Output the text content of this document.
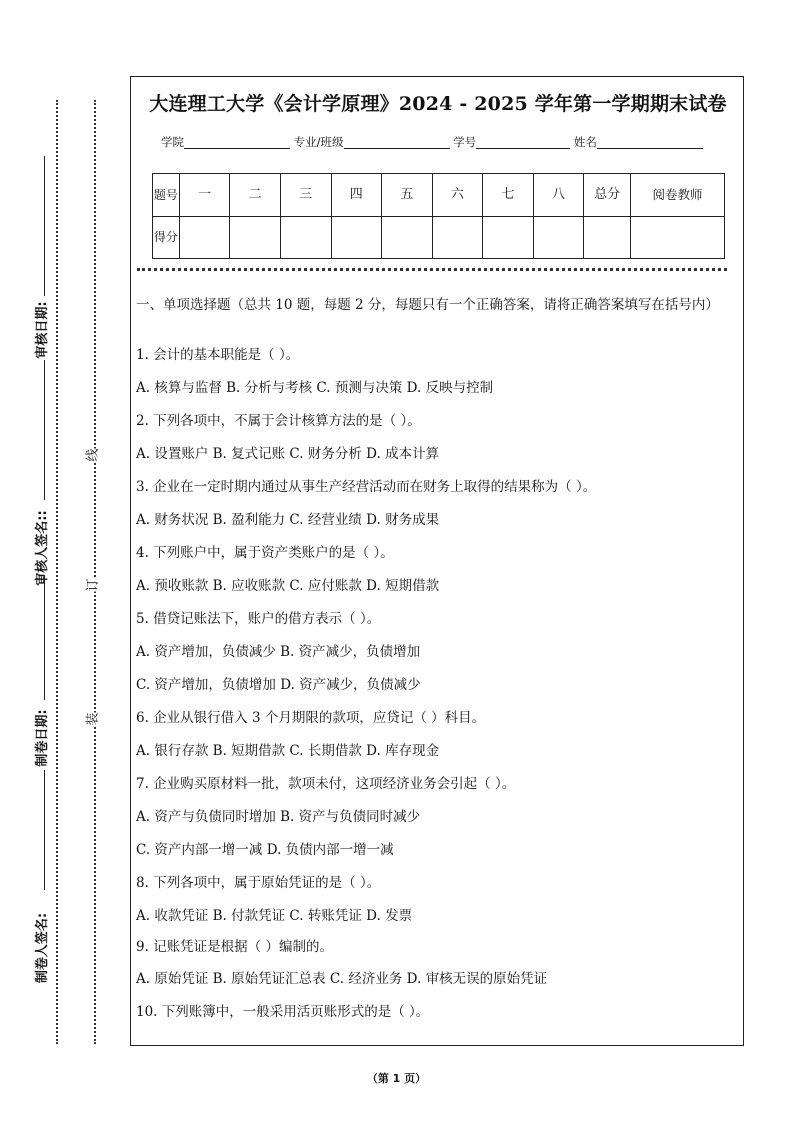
审核日期:
审核人签名::
制卷日期:
制卷人签名:
线
订
装
大连理工大学《会计学原理》2024 - 2025 学年第一学期期末试卷
学院	专业/班级	学号	姓名
题号	一	二	三	四	五	六	七	八	总分	阅卷教师
得分										
一、单项选择题（总共 10 题，每题 2 分，每题只有一个正确答案，请将正确答案填写在括号内）
1. 会计的基本职能是（ ）。
A. 核算与监督 B. 分析与考核 C. 预测与决策 D. 反映与控制
2. 下列各项中，不属于会计核算方法的是（ ）。
A. 设置账户 B. 复式记账 C. 财务分析 D. 成本计算
3. 企业在一定时期内通过从事生产经营活动而在财务上取得的结果称为（ ）。
A. 财务状况 B. 盈利能力 C. 经营业绩 D. 财务成果
4. 下列账户中，属于资产类账户的是（ ）。
A. 预收账款 B. 应收账款 C. 应付账款 D. 短期借款
5. 借贷记账法下，账户的借方表示（ ）。
A. 资产增加，负债减少 B. 资产减少，负债增加
C. 资产增加，负债增加 D. 资产减少，负债减少
6. 企业从银行借入 3 个月期限的款项，应贷记（ ）科目。
A. 银行存款 B. 短期借款 C. 长期借款 D. 库存现金
7. 企业购买原材料一批，款项未付，这项经济业务会引起（ ）。
A. 资产与负债同时增加 B. 资产与负债同时减少
C. 资产内部一增一减 D. 负债内部一增一减
8. 下列各项中，属于原始凭证的是（ ）。
A. 收款凭证 B. 付款凭证 C. 转账凭证 D. 发票
9. 记账凭证是根据（ ）编制的。
A. 原始凭证 B. 原始凭证汇总表 C. 经济业务 D. 审核无误的原始凭证
10. 下列账簿中，一般采用活页账形式的是（ ）。
（第 1 页）
